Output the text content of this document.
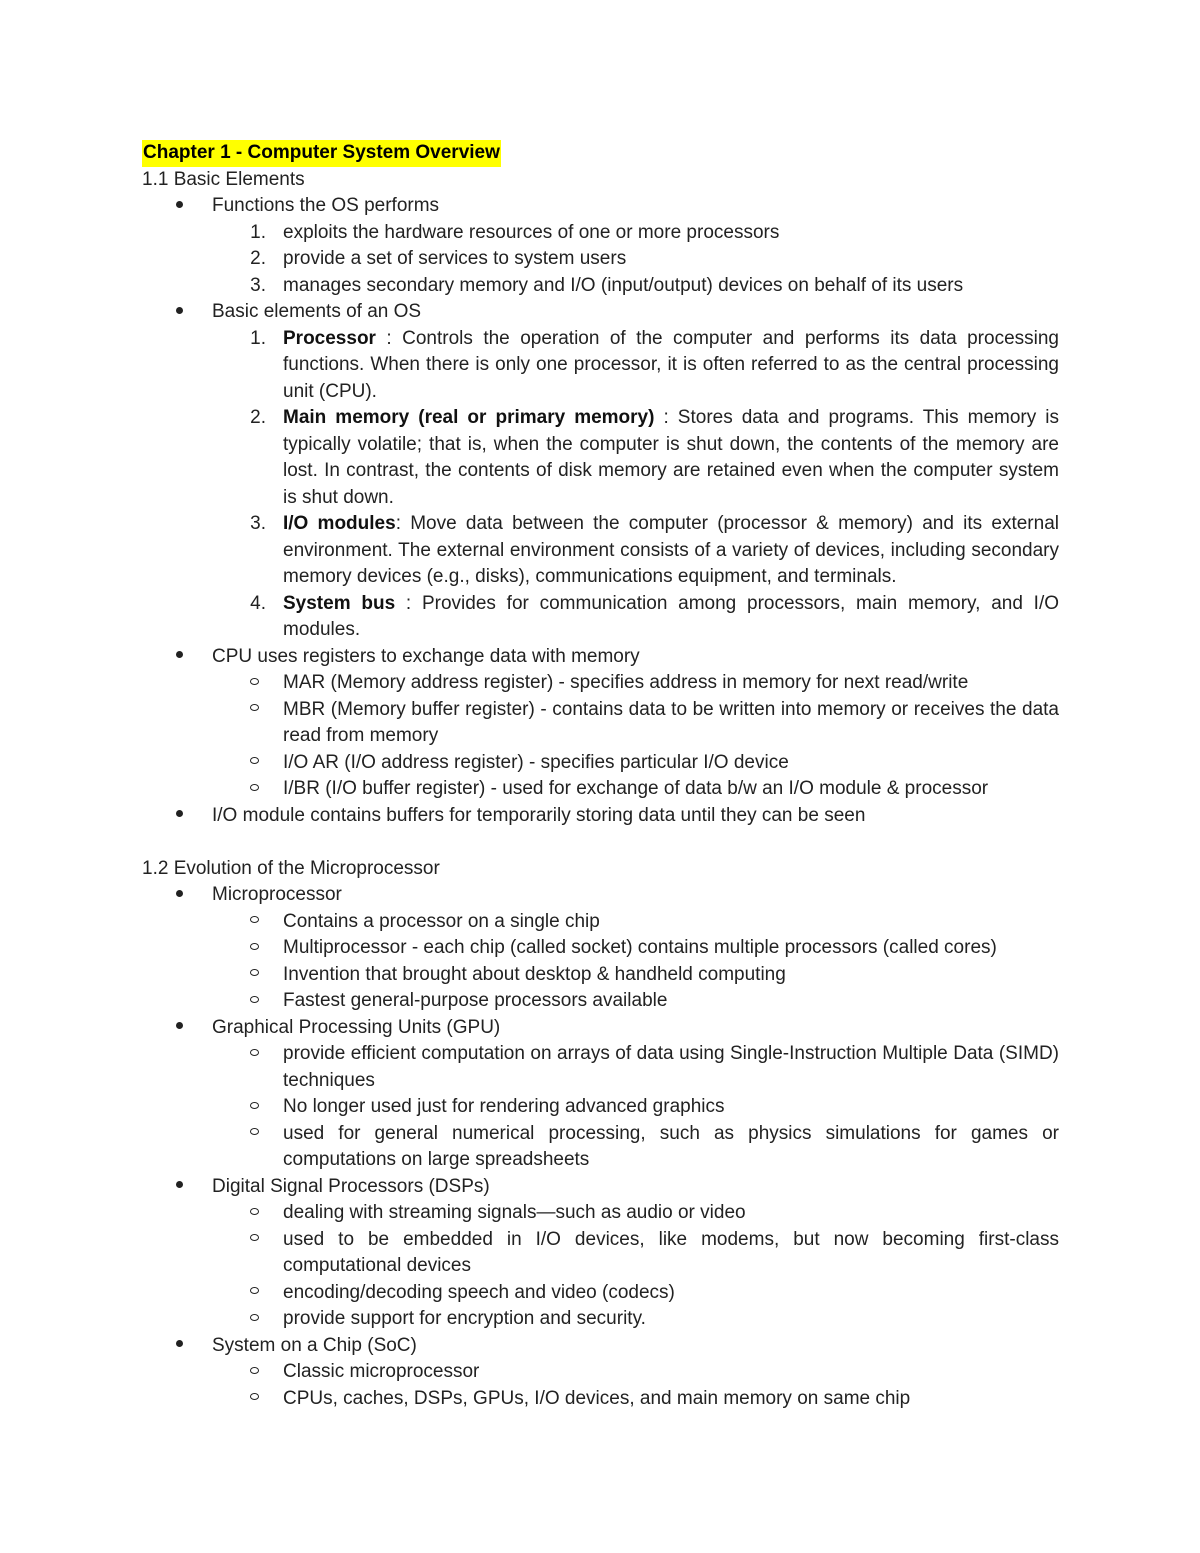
Chapter 1 - Computer System Overview
1.1 Basic Elements
Functions the OS performs
1. exploits the hardware resources of one or more processors
2. provide a set of services to system users
3. manages secondary memory and I/O (input/output) devices on behalf of its users
Basic elements of an OS
1. Processor : Controls the operation of the computer and performs its data processing functions. When there is only one processor, it is often referred to as the central processing unit (CPU).
2. Main memory (real or primary memory) : Stores data and programs. This memory is typically volatile; that is, when the computer is shut down, the contents of the memory are lost. In contrast, the contents of disk memory are retained even when the computer system is shut down.
3. I/O modules: Move data between the computer (processor & memory) and its external environment. The external environment consists of a variety of devices, including secondary memory devices (e.g., disks), communications equipment, and terminals.
4. System bus : Provides for communication among processors, main memory, and I/O modules.
CPU uses registers to exchange data with memory
MAR (Memory address register) - specifies address in memory for next read/write
MBR (Memory buffer register) - contains data to be written into memory or receives the data read from memory
I/O AR (I/O address register) - specifies particular I/O device
I/BR (I/O buffer register) - used for exchange of data b/w an I/O module & processor
I/O module contains buffers for temporarily storing data until they can be seen
1.2 Evolution of the Microprocessor
Microprocessor
Contains a processor on a single chip
Multiprocessor - each chip (called socket) contains multiple processors (called cores)
Invention that brought about desktop & handheld computing
Fastest general-purpose processors available
Graphical Processing Units (GPU)
provide efficient computation on arrays of data using Single-Instruction Multiple Data (SIMD) techniques
No longer used just for rendering advanced graphics
used for general numerical processing, such as physics simulations for games or computations on large spreadsheets
Digital Signal Processors (DSPs)
dealing with streaming signals—such as audio or video
used to be embedded in I/O devices, like modems, but now becoming first-class computational devices
encoding/decoding speech and video (codecs)
provide support for encryption and security.
System on a Chip (SoC)
Classic microprocessor
CPUs, caches, DSPs, GPUs, I/O devices, and main memory on same chip
